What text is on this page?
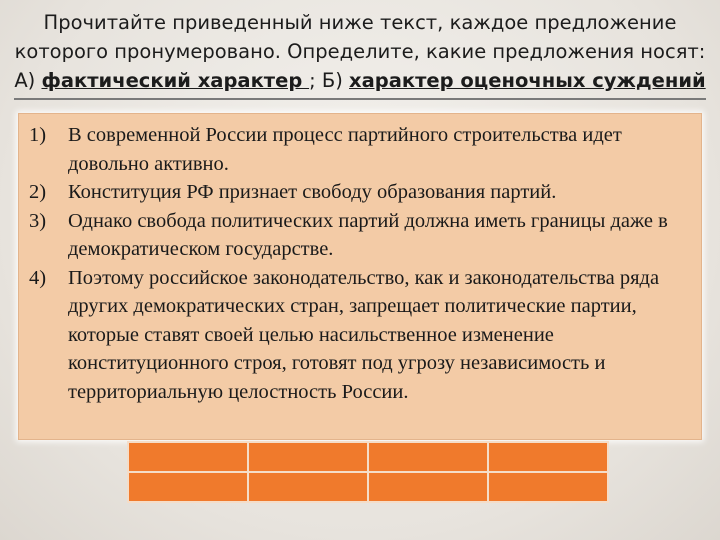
Прочитайте приведенный ниже текст, каждое предложение
которого пронумеровано. Определите, какие предложения носят:
А) фактический характер ; Б) характер оценочных суждений
1) В современной России процесс партийного строительства идет довольно активно.
2) Конституция РФ признает свободу образования партий.
3) Однако свобода политических партий должна иметь границы даже в демократическом государстве.
4) Поэтому российское законодательство, как и законодательства ряда других демократических стран, запрещает политические партии, которые ставят своей целью насильственное изменение конституционного строя, готовят под угрозу независимость и территориальную целостность России.
